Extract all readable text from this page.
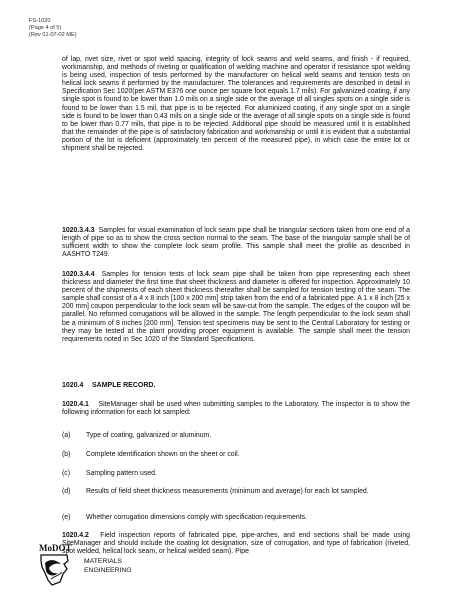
FS-1020
(Page 4 of 5)
(Rev 01-07-02 ME)
of lap, rivet size, rivet or spot weld spacing, integrity of lock seams and weld seams, and finish - if required, workmanship, and methods of riveting or qualification of welding machine and operator if resistance spot welding is being used, inspection of tests performed by the manufacturer on helical weld seams and tension tests on helical lock seams if performed by the manufacturer. The tolerances and requirements are described in detail in Specification Sec 1020(per ASTM E376 one ounce per square foot equals 1.7 mils). For galvanized coating, if any single spot is found to be lower than 1.0 mils on a single side or the average of all singles spots on a single side is found to be lower than 1.5 mil, that pipe is to be rejected. For aluminized coating, if any single spot on a single side is found to be lower than 0.43 mils on a single side or the average of all single spots on a single side is found to be lower than 0.77 mils, that pipe is to be rejected. Additional pipe should be measured until it is established that the remainder of the pipe is of satisfactory fabrication and workmanship or until it is evident that a substantial portion of the lot is deficient (approximately ten percent of the measured pipe), in which case the entire lot or shipment shall be rejected.
1020.3.4.3 Samples for visual examination of lock seam pipe shall be triangular sections taken from one end of a length of pipe so as to show the cross section normal to the seam. The base of the triangular sample shall be of sufficient width to show the complete lock seam profile. This sample shall meet the profile as described in AASHTO T249.
1020.3.4.4 Samples for tension tests of lock seam pipe shall be taken from pipe representing each sheet thickness and diameter the first time that sheet thickness and diameter is offered for inspection. Approximately 10 percent of the shipments of each sheet thickness thereafter shall be sampled for tension testing of the seam. The sample shall consist of a 4 x 8 inch [100 x 200 mm] strip taken from the end of a fabricated pipe. A 1 x 8 inch [25 x 200 mm] coupon perpendicular to the lock seam will be saw-cut from the sample. The edges of the coupon will be parallel. No reformed corrugations will be allowed in the sample. The length perpendicular to the lock seam shall be a minimum of 8 inches [200 mm]. Tension test specimens may be sent to the Central Laboratory for testing or they may be tested at the plant providing proper equipment is available. The sample shall meet the tension requirements noted in Sec 1020 of the Standard Specifications.
1020.4 SAMPLE RECORD.
1020.4.1 SiteManager shall be used when submitting samples to the Laboratory. The inspector is to show the following information for each lot sampled:
(a) Type of coating, galvanized or aluminum.
(b) Complete identification shown on the sheet or coil.
(c) Sampling pattern used.
(d) Results of field sheet thickness measurements (minimum and average) for each lot sampled.
(e) Whether corrugation dimensions comply with specification requirements.
1020.4.2 Field inspection reports of fabricated pipe, pipe-arches, and end sections shall be made using SiteManager and should include the coating lot designation, size of corrugation, and type of fabrication (riveted, spot welded, helical lock seam, or helical welded seam). Pipe
MoDOT
MATERIALS
ENGINEERING
